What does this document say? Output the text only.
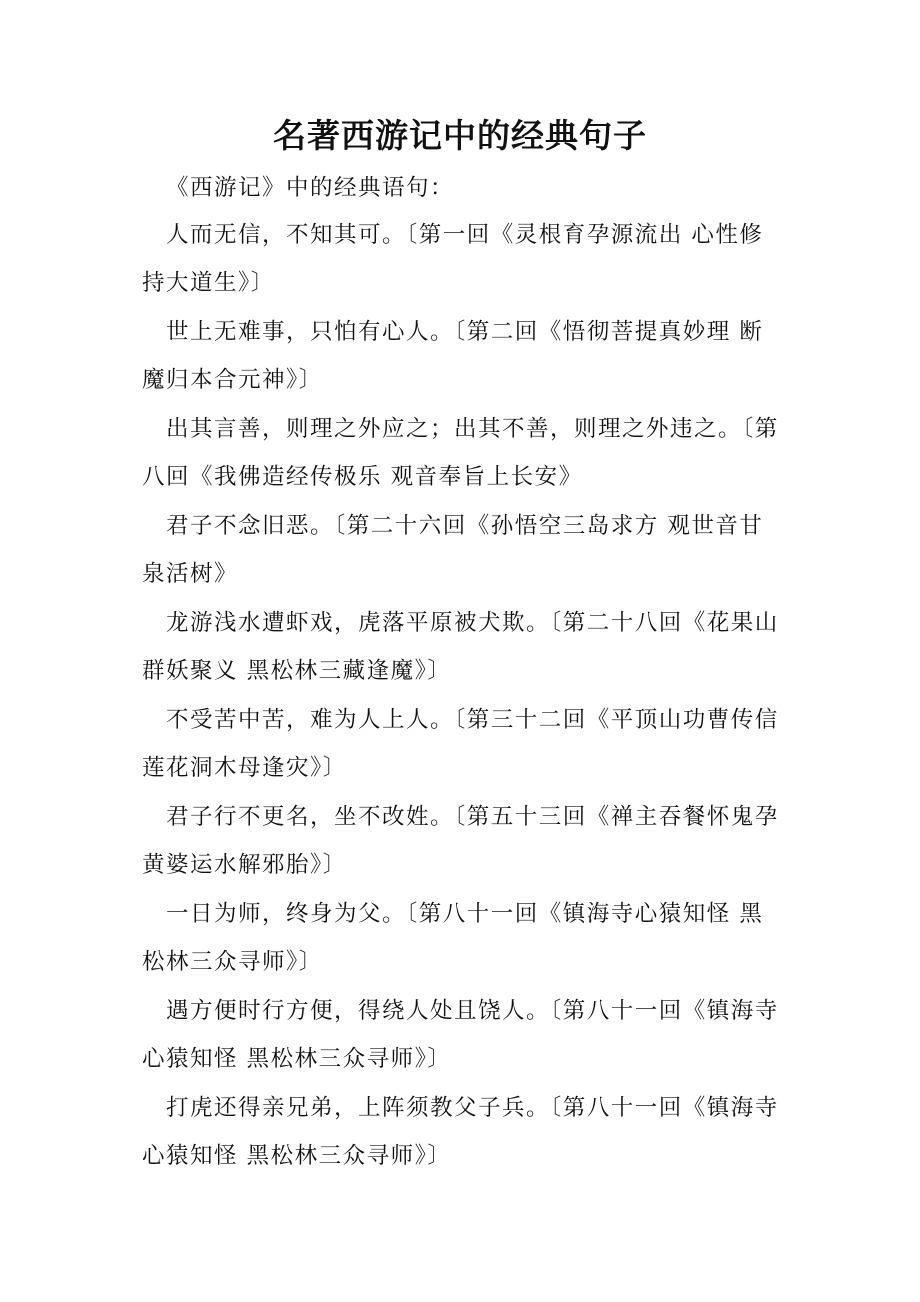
名著西游记中的经典句子

《西游记》中的经典语句：

人而无信，不知其可。〔第一回《灵根育孕源流出 心性修持大道生》〕

世上无难事，只怕有心人。〔第二回《悟彻菩提真妙理 断魔归本合元神》〕

出其言善，则理之外应之；出其不善，则理之外违之。〔第八回《我佛造经传极乐 观音奉旨上长安》

君子不念旧恶。〔第二十六回《孙悟空三岛求方 观世音甘泉活树》

龙游浅水遭虾戏，虎落平原被犬欺。〔第二十八回《花果山群妖聚义 黑松林三藏逢魔》〕

不受苦中苦，难为人上人。〔第三十二回《平顶山功曹传信 莲花洞木母逢灾》〕

君子行不更名，坐不改姓。〔第五十三回《禅主吞餐怀鬼孕 黄婆运水解邪胎》〕

一日为师，终身为父。〔第八十一回《镇海寺心猿知怪 黑松林三众寻师》〕

遇方便时行方便，得绕人处且饶人。〔第八十一回《镇海寺心猿知怪 黑松林三众寻师》〕

打虎还得亲兄弟，上阵须教父子兵。〔第八十一回《镇海寺心猿知怪 黑松林三众寻师》〕
